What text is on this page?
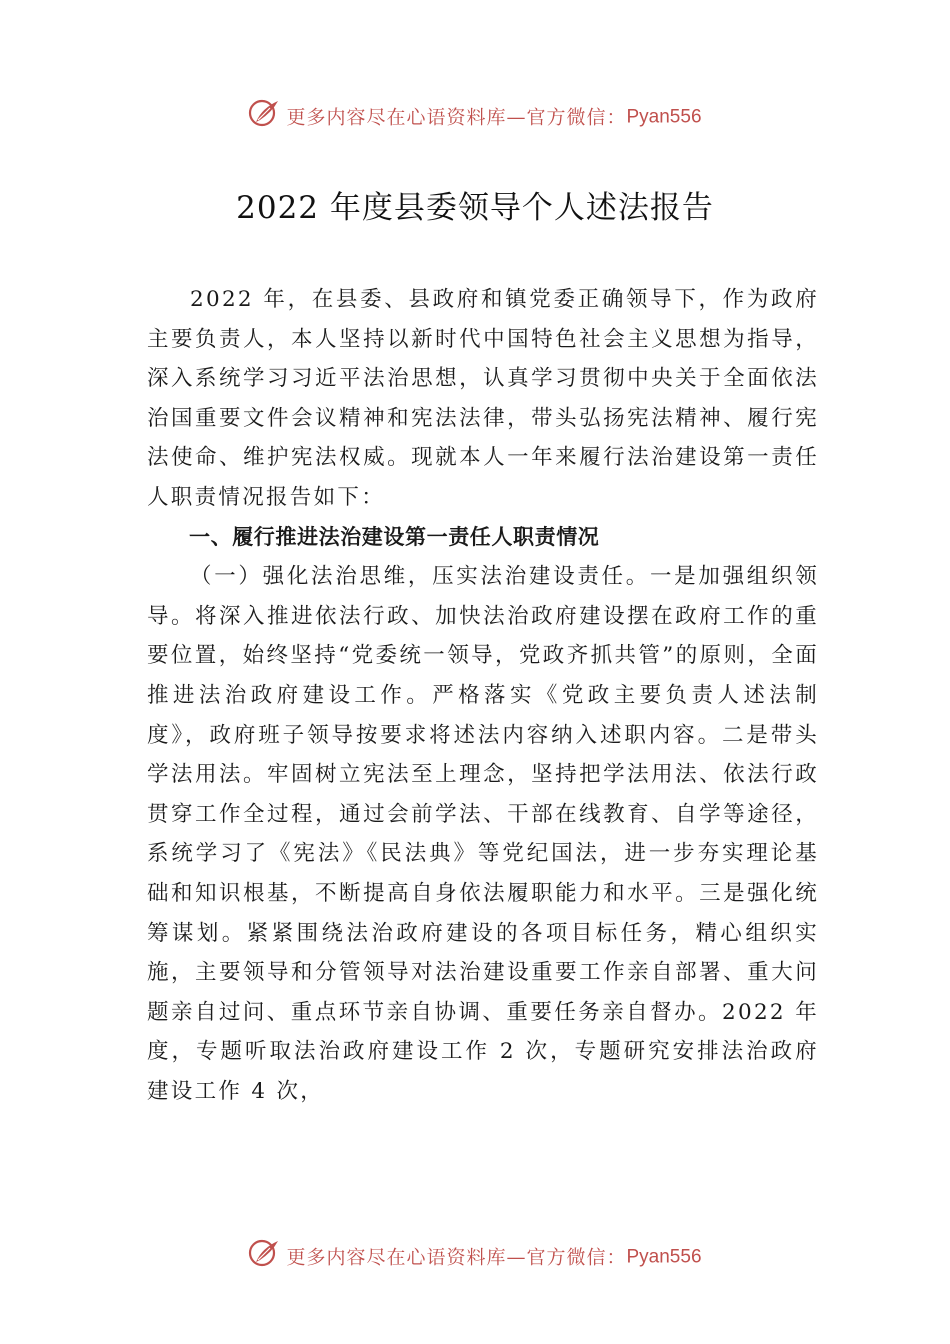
更多内容尽在心语资料库—官方微信：Pyan556
2022 年度县委领导个人述法报告

2022 年，在县委、县政府和镇党委正确领导下，作为政府主要负责人，本人坚持以新时代中国特色社会主义思想为指导，深入系统学习习近平法治思想，认真学习贯彻中央关于全面依法治国重要文件会议精神和宪法法律，带头弘扬宪法精神、履行宪法使命、维护宪法权威。现就本人一年来履行法治建设第一责任人职责情况报告如下：

一、履行推进法治建设第一责任人职责情况

（一）强化法治思维，压实法治建设责任。一是加强组织领导。将深入推进依法行政、加快法治政府建设摆在政府工作的重要位置，始终坚持“党委统一领导，党政齐抓共管”的原则，全面推进法治政府建设工作。严格落实《党政主要负责人述法制度》，政府班子领导按要求将述法内容纳入述职内容。二是带头学法用法。牢固树立宪法至上理念，坚持把学法用法、依法行政贯穿工作全过程，通过会前学法、干部在线教育、自学等途径，系统学习了《宪法》《民法典》等党纪国法，进一步夯实理论基础和知识根基，不断提高自身依法履职能力和水平。三是强化统筹谋划。紧紧围绕法治政府建设的各项目标任务，精心组织实施，主要领导和分管领导对法治建设重要工作亲自部署、重大问题亲自过问、重点环节亲自协调、重要任务亲自督办。2022 年度，专题听取法治政府建设工作 2 次，专题研究安排法治政府建设工作 4 次，

更多内容尽在心语资料库—官方微信：Pyan556
